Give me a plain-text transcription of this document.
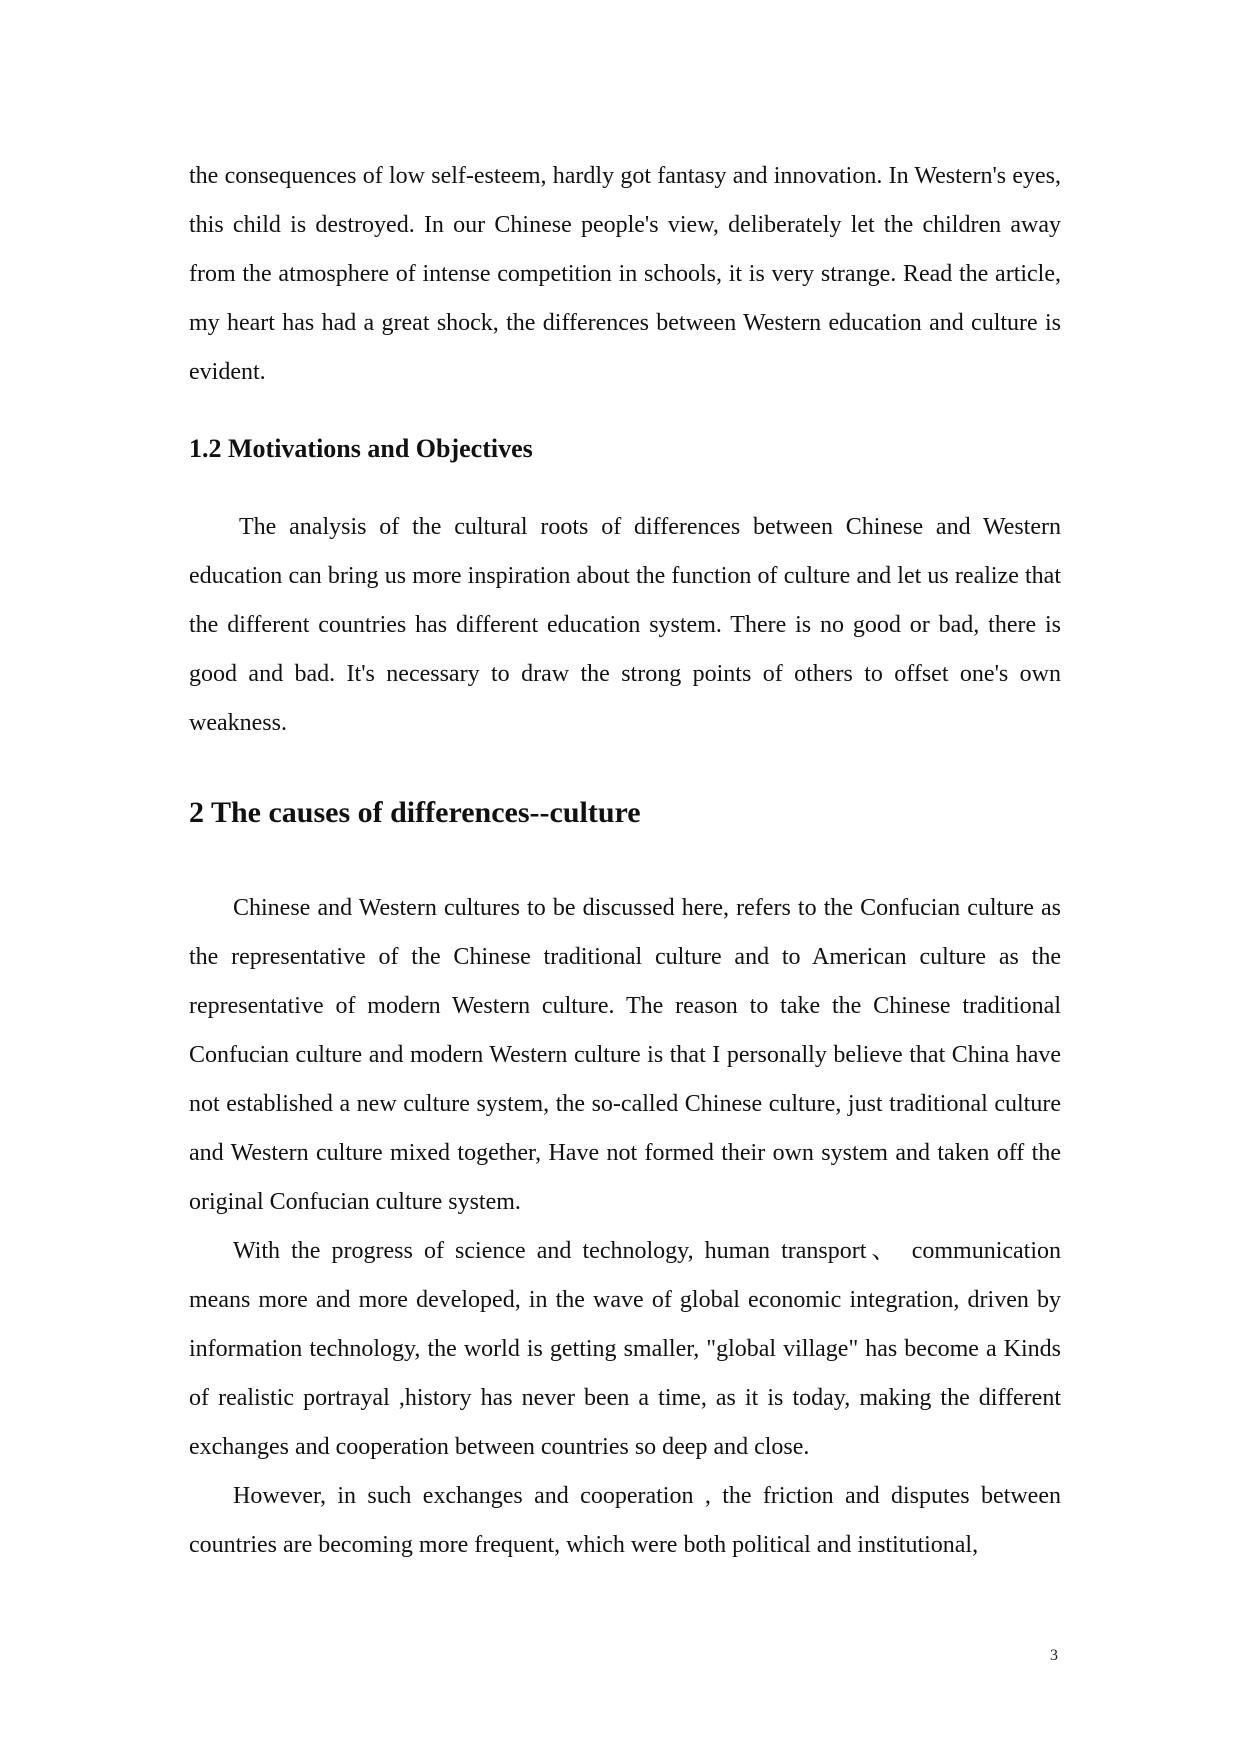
the consequences of low self-esteem, hardly got fantasy and innovation. In Western's eyes, this child is destroyed. In our Chinese people's view, deliberately let the children away from the atmosphere of intense competition in schools, it is very strange. Read the article, my heart has had a great shock, the differences between Western education and culture is evident.

1.2 Motivations and Objectives

The analysis of the cultural roots of differences between Chinese and Western education can bring us more inspiration about the function of culture and let us realize that the different countries has different education system. There is no good or bad, there is good and bad. It's necessary to draw the strong points of others to offset one's own weakness.

2 The causes of differences--culture

Chinese and Western cultures to be discussed here, refers to the Confucian culture as the representative of the Chinese traditional culture and to American culture as the representative of modern Western culture. The reason to take the Chinese traditional Confucian culture and modern Western culture is that I personally believe that China have not established a new culture system, the so-called Chinese culture, just traditional culture and Western culture mixed together, Have not formed their own system and taken off the original Confucian culture system.

With the progress of science and technology, human transport、 communication means more and more developed, in the wave of global economic integration, driven by information technology, the world is getting smaller, "global village" has become a Kinds of realistic portrayal ,history has never been a time, as it is today, making the different exchanges and cooperation between countries so deep and close.

However, in such exchanges and cooperation , the friction and disputes between countries are becoming more frequent, which were both political and institutional,

3
